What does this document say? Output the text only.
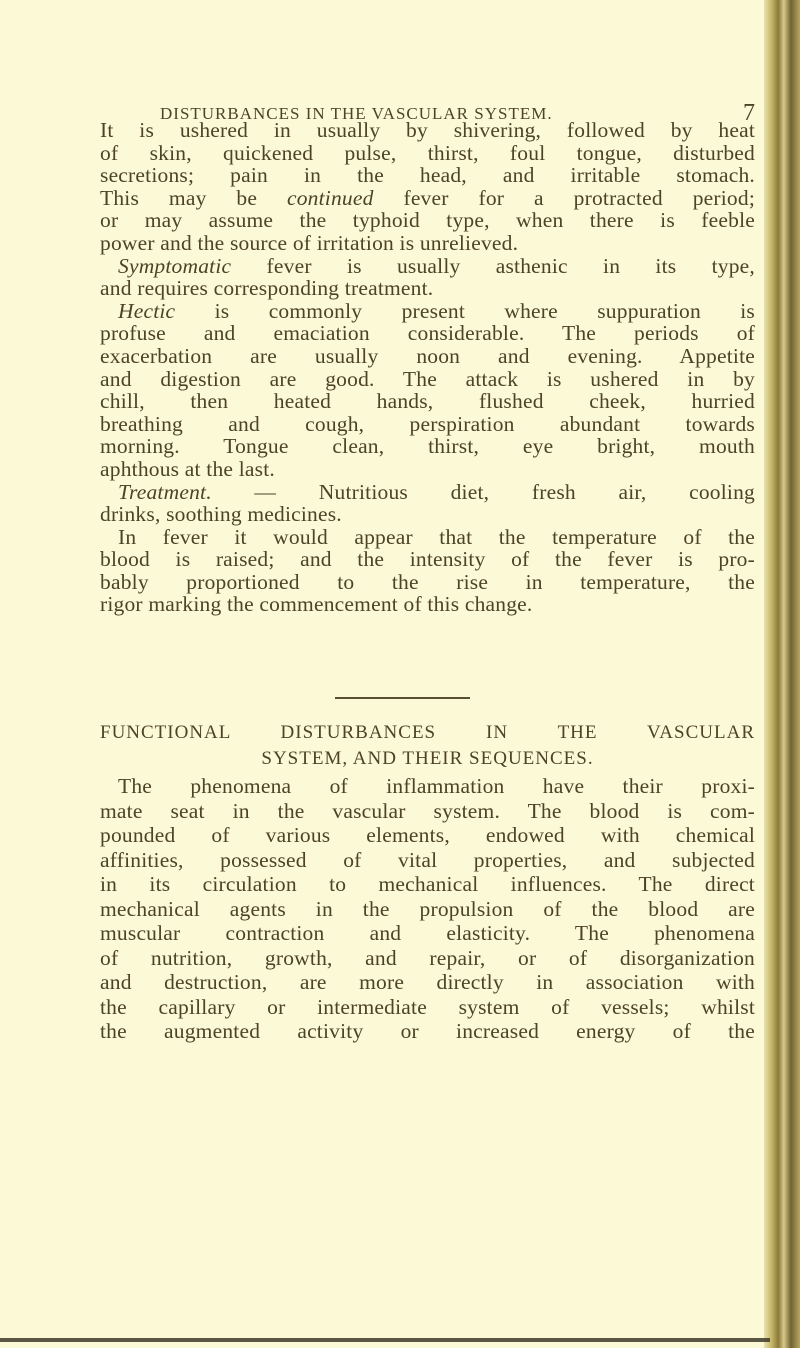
DISTURBANCES IN THE VASCULAR SYSTEM.	7
It is ushered in usually by shivering, followed by heat
of skin, quickened pulse, thirst, foul tongue, disturbed
secretions; pain in the head, and irritable stomach.
This may be continued fever for a protracted period;
or may assume the typhoid type, when there is feeble
power and the source of irritation is unrelieved.
Symptomatic fever is usually asthenic in its type,
and requires corresponding treatment.
Hectic is commonly present where suppuration is
profuse and emaciation considerable. The periods of
exacerbation are usually noon and evening. Appetite
and digestion are good. The attack is ushered in by
chill, then heated hands, flushed cheek, hurried
breathing and cough, perspiration abundant towards
morning. Tongue clean, thirst, eye bright, mouth
aphthous at the last.
Treatment. — Nutritious diet, fresh air, cooling
drinks, soothing medicines.
In fever it would appear that the temperature of the
blood is raised; and the intensity of the fever is pro-
bably proportioned to the rise in temperature, the
rigor marking the commencement of this change.
FUNCTIONAL DISTURBANCES IN THE VASCULAR
SYSTEM, AND THEIR SEQUENCES.
The phenomena of inflammation have their proxi-
mate seat in the vascular system. The blood is com-
pounded of various elements, endowed with chemical
affinities, possessed of vital properties, and subjected
in its circulation to mechanical influences. The direct
mechanical agents in the propulsion of the blood are
muscular contraction and elasticity. The phenomena
of nutrition, growth, and repair, or of disorganization
and destruction, are more directly in association with
the capillary or intermediate system of vessels; whilst
the augmented activity or increased energy of the
